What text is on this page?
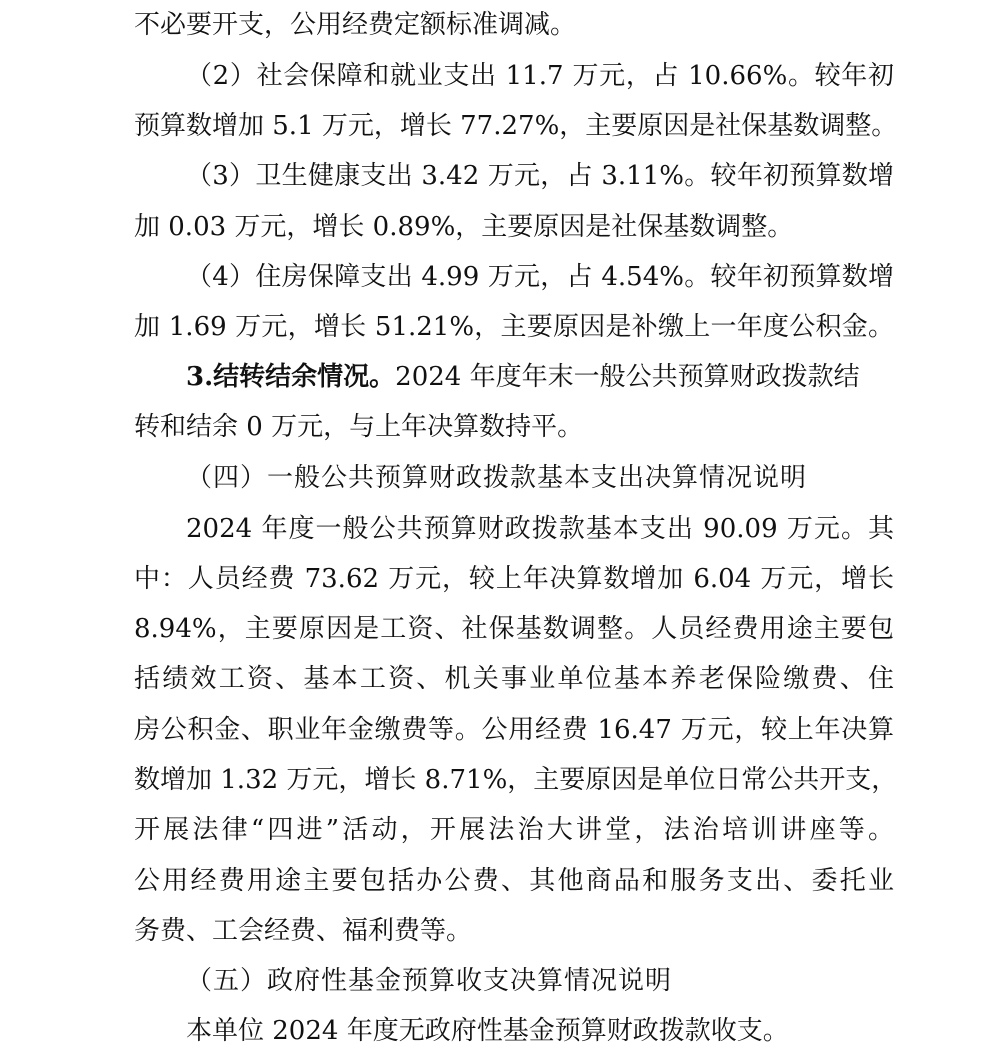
不必要开支，公用经费定额标准调减。
（2）社会保障和就业支出 11.7 万元，占 10.66%。较年初
预算数增加 5.1 万元，增长 77.27%，主要原因是社保基数调整。
（3）卫生健康支出 3.42 万元，占 3.11%。较年初预算数增
加 0.03 万元，增长 0.89%，主要原因是社保基数调整。
（4）住房保障支出 4.99 万元，占 4.54%。较年初预算数增
加 1.69 万元，增长 51.21%，主要原因是补缴上一年度公积金。
3.结转结余情况。2024 年度年末一般公共预算财政拨款结
转和结余 0 万元，与上年决算数持平。
（四）一般公共预算财政拨款基本支出决算情况说明
2024 年度一般公共预算财政拨款基本支出 90.09 万元。其
中：人员经费 73.62 万元，较上年决算数增加 6.04 万元，增长
8.94%，主要原因是工资、社保基数调整。人员经费用途主要包
括绩效工资、基本工资、机关事业单位基本养老保险缴费、住
房公积金、职业年金缴费等。公用经费 16.47 万元，较上年决算
数增加 1.32 万元，增长 8.71%，主要原因是单位日常公共开支，
开展法律“四进”活动，开展法治大讲堂，法治培训讲座等。
公用经费用途主要包括办公费、其他商品和服务支出、委托业
务费、工会经费、福利费等。
（五）政府性基金预算收支决算情况说明
本单位 2024 年度无政府性基金预算财政拨款收支。
